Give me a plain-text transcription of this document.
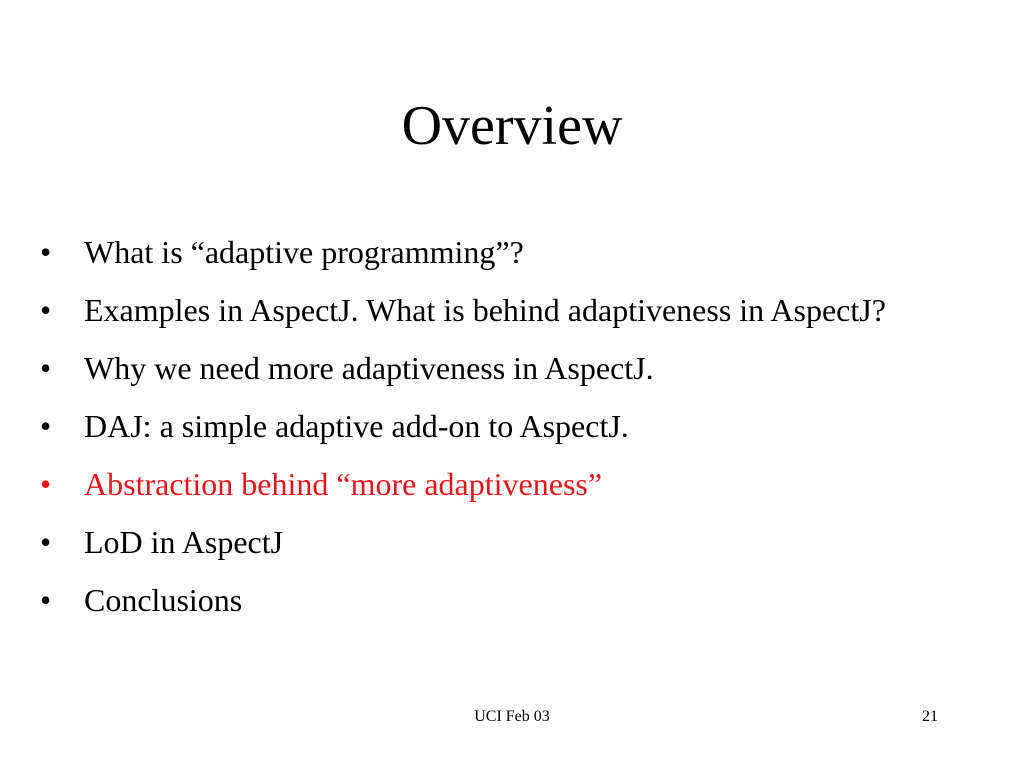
Overview
•	What is “adaptive programming”?
•	Examples in AspectJ. What is behind adaptiveness in AspectJ?
•	Why we need more adaptiveness in AspectJ.
•	DAJ: a simple adaptive add-on to AspectJ.
•	Abstraction behind “more adaptiveness”
•	LoD in AspectJ
•	Conclusions
UCI Feb 03	21
